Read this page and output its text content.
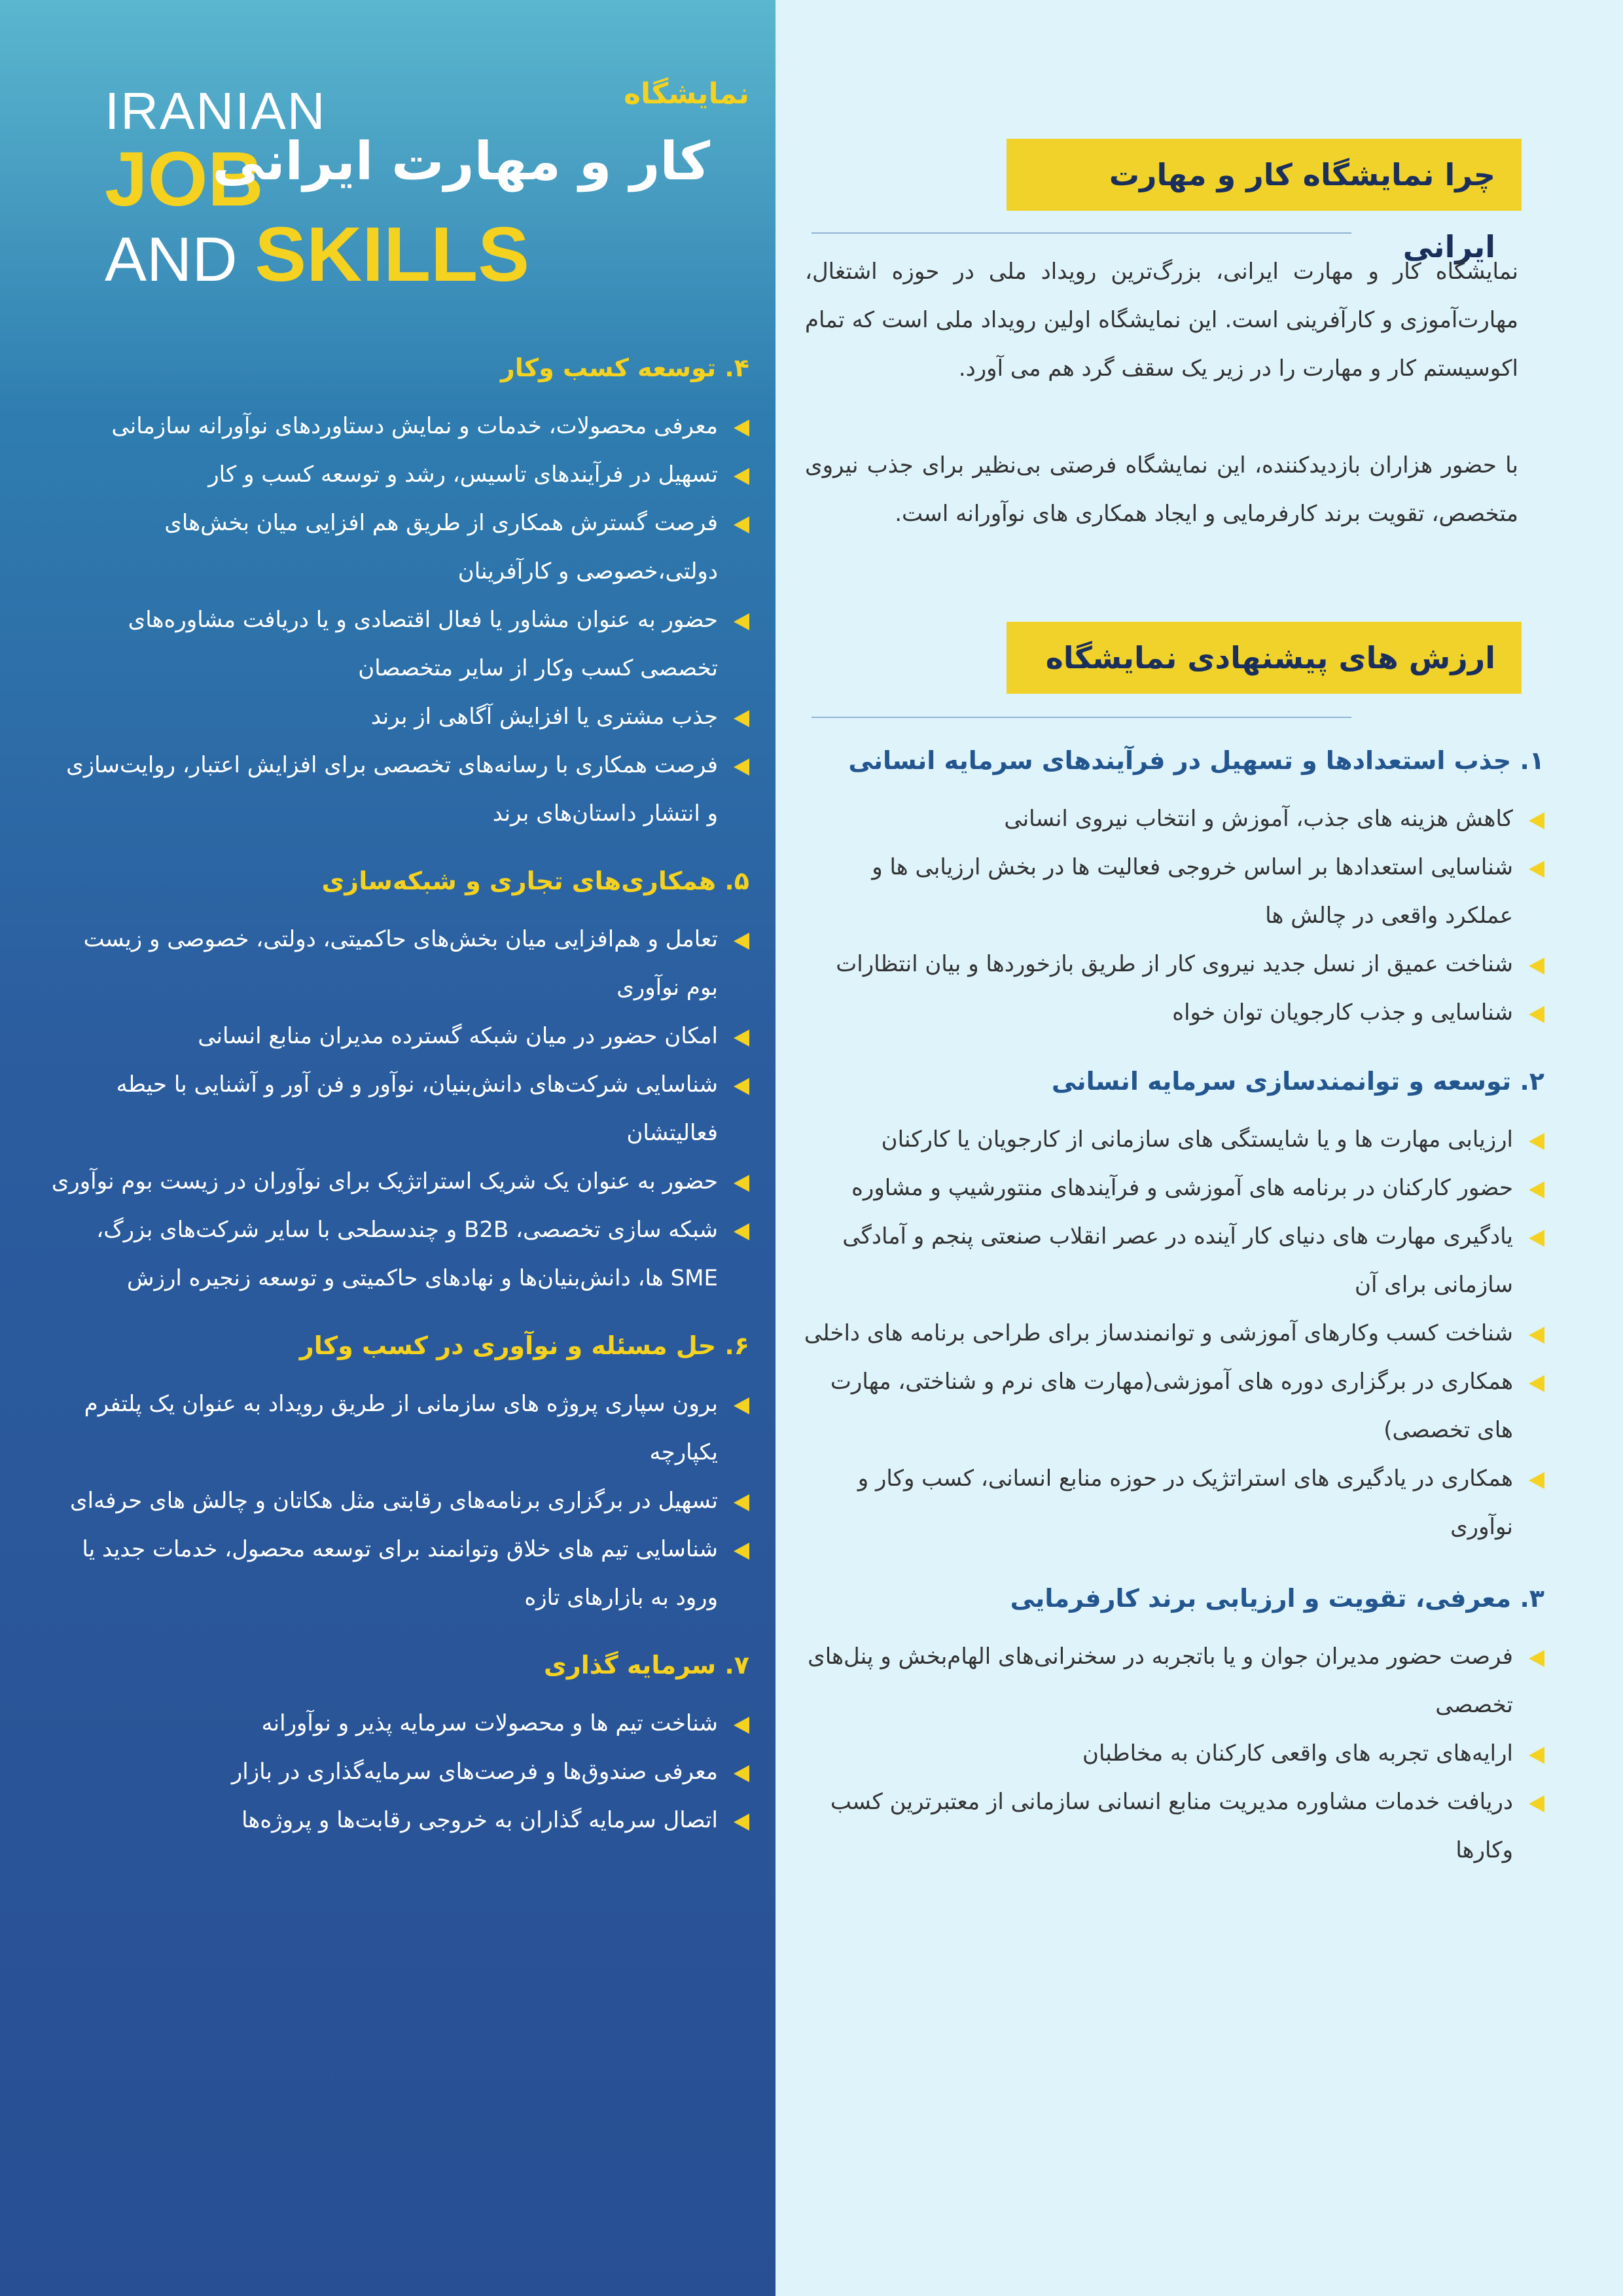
IRANIAN
JOB
AND SKILLS
نمایشگاه
کار و مهارت ایرانی	چرا نمایشگاه کار و مهارت ایرانی
نمایشگاه کار و مهارت ایرانی، بزرگ‌ترین رویداد ملی در حوزه اشتغال، مهارت‌آموزی و کارآفرینی است. این نمایشگاه اولین رویداد ملی است که تمام اکوسیستم کار و مهارت را در زیر یک سقف گرد هم می آورد.
با حضور هزاران بازدیدکننده، این نمایشگاه فرصتی بی‌نظیر برای جذب نیروی متخصص، تقویت برند کارفرمایی و ایجاد همکاری های نوآورانه است.
ارزش های پیشنهادی نمایشگاه
۱. جذب استعدادها و تسهیل در فرآیندهای سرمایه انسانی
کاهش هزینه های جذب، آموزش و انتخاب نیروی انسانی
شناسایی استعدادها بر اساس خروجی فعالیت ها در بخش ارزیابی ها و عملکرد واقعی در چالش ها
شناخت عمیق از نسل جدید نیروی کار از طریق بازخوردها و بیان انتظارات
شناسایی و جذب کارجویان توان خواه
۲. توسعه و توانمندسازی سرمایه انسانی
ارزیابی مهارت ها و یا شایستگی های سازمانی از کارجویان یا کارکنان
حضور کارکنان در برنامه های آموزشی و فرآیندهای منتورشیپ و مشاوره
یادگیری مهارت های دنیای کار آینده در عصر انقلاب صنعتی پنجم و آمادگی سازمانی برای آن
شناخت کسب وکارهای آموزشی و توانمندساز برای طراحی برنامه های داخلی
همکاری در برگزاری دوره های آموزشی(مهارت های نرم و شناختی، مهارت های تخصصی)
همکاری در یادگیری های استراتژیک در حوزه منابع انسانی، کسب وکار و نوآوری
۳. معرفی، تقویت و ارزیابی برند کارفرمایی
فرصت حضور مدیران جوان و یا باتجربه در سخنرانی‌های الهام‌بخش و پنل‌های تخصصی
ارایه‌های تجربه های واقعی کارکنان به مخاطبان
دریافت خدمات مشاوره مدیریت منابع انسانی سازمانی از معتبرترین کسب وکارها
۴. توسعه کسب وکار
معرفی محصولات، خدمات و نمایش دستاوردهای نوآورانه سازمانی
تسهیل در فرآیندهای تاسیس، رشد و توسعه کسب و کار
فرصت گسترش همکاری از طریق هم افزایی میان بخش‌های دولتی،خصوصی و کارآفرینان
حضور به عنوان مشاور یا فعال اقتصادی و یا دریافت مشاوره‌های تخصصی کسب وکار از سایر متخصصان
جذب مشتری یا افزایش آگاهی از برند
فرصت همکاری با رسانه‌های تخصصی برای افزایش اعتبار، روایت‌سازی و انتشار داستان‌های برند
۵. همکاری‌های تجاری و شبکه‌سازی
تعامل و هم‌افزایی میان بخش‌های حاکمیتی، دولتی، خصوصی و زیست بوم نوآوری
امکان حضور در میان شبکه گسترده مدیران منابع انسانی
شناسایی شرکت‌های دانش‌بنیان، نوآور و فن آور و آشنایی با حیطه فعالیتشان
حضور به عنوان یک شریک استراتژیک برای نوآوران در زیست بوم نوآوری
شبکه سازی تخصصی، B2B و چندسطحی با سایر شرکت‌های بزرگ، SME ها، دانش‌بنیان‌ها و نهادهای حاکمیتی و توسعه زنجیره ارزش
۶. حل مسئله و نوآوری در کسب وکار
برون سپاری پروژه های سازمانی از طریق رویداد به عنوان یک پلتفرم یکپارچه
تسهیل در برگزاری برنامه‌های رقابتی مثل هکاتان و چالش های حرفه‌ای
شناسایی تیم های خلاق وتوانمند برای توسعه محصول، خدمات جدید یا ورود به بازارهای تازه
۷. سرمایه گذاری
شناخت تیم ها و محصولات سرمایه پذیر و نوآورانه
معرفی صندوق‌ها و فرصت‌های سرمایه‌گذاری در بازار
اتصال سرمایه گذاران به خروجی رقابت‌ها و پروژه‌ها
